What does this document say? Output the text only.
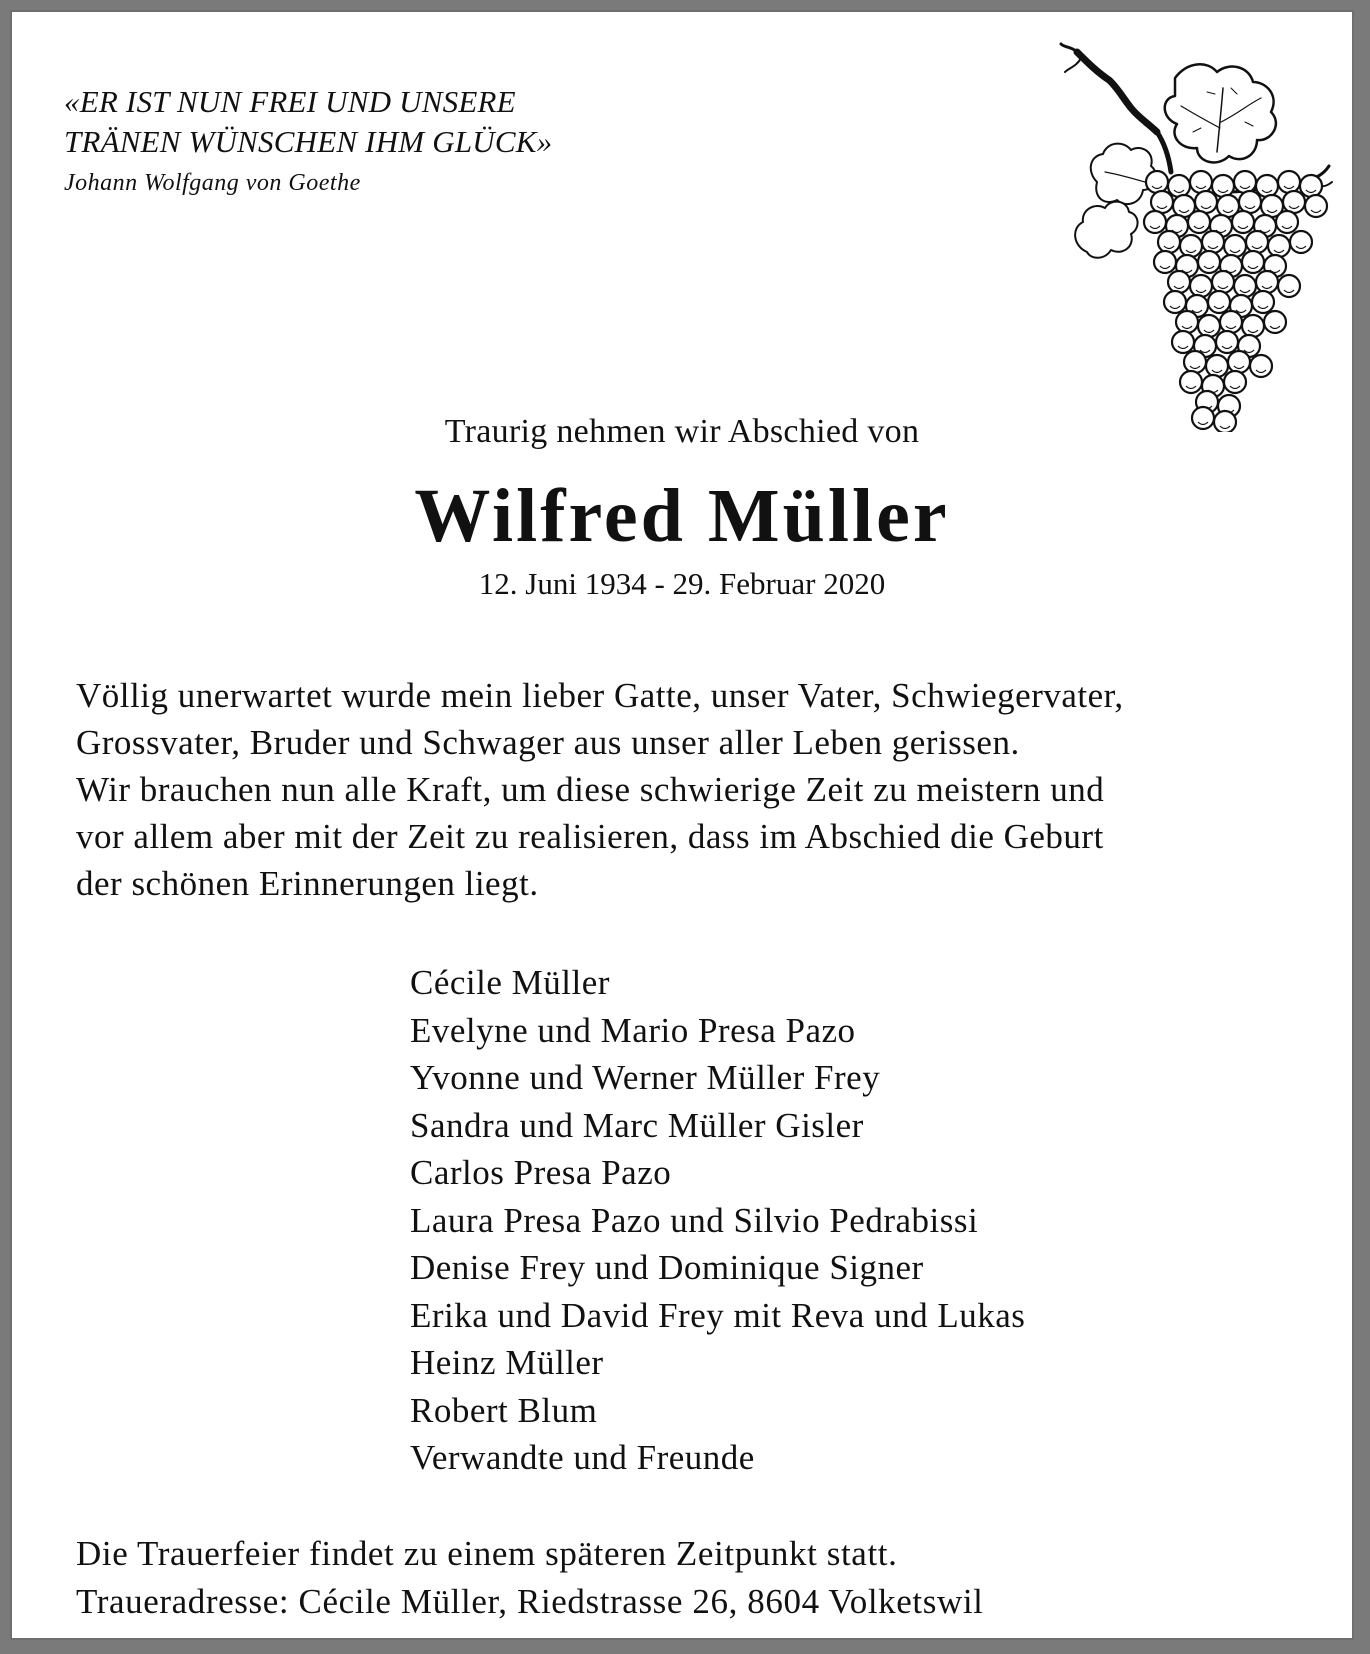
«ER IST NUN FREI UND UNSERE
TRÄNEN WÜNSCHEN IHM GLÜCK»
Johann Wolfgang von Goethe
Traurig nehmen wir Abschied von
Wilfred Müller
12. Juni 1934 - 29. Februar 2020

Völlig unerwartet wurde mein lieber Gatte, unser Vater, Schwiegervater,

Grossvater, Bruder und Schwager aus unser aller Leben gerissen.

Wir brauchen nun alle Kraft, um diese schwierige Zeit zu meistern und

vor allem aber mit der Zeit zu realisieren, dass im Abschied die Geburt

der schönen Erinnerungen liegt.

Cécile Müller
Evelyne und Mario Presa Pazo
Yvonne und Werner Müller Frey
Sandra und Marc Müller Gisler
Carlos Presa Pazo
Laura Presa Pazo und Silvio Pedrabissi
Denise Frey und Dominique Signer
Erika und David Frey mit Reva und Lukas
Heinz Müller
Robert Blum
Verwandte und Freunde

Die Trauerfeier findet zu einem späteren Zeitpunkt statt.

Traueradresse: Cécile Müller, Riedstrasse 26, 8604 Volketswil
